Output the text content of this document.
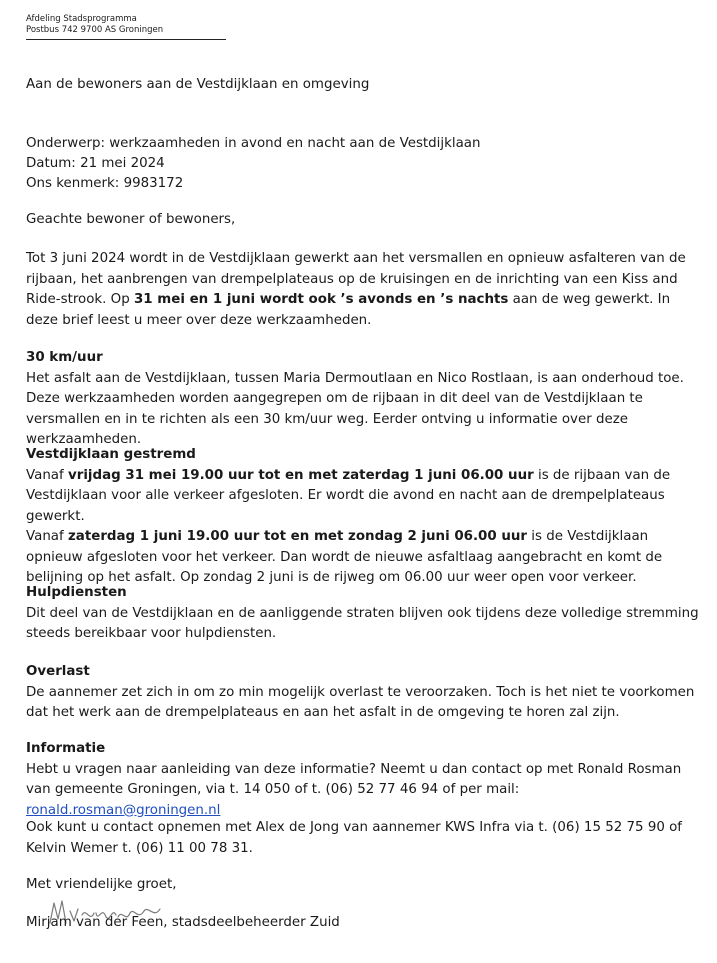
Afdeling Stadsprogramma
Postbus 742 9700 AS Groningen
Aan de bewoners aan de Vestdijklaan en omgeving
Onderwerp: werkzaamheden in avond en nacht aan de Vestdijklaan
Datum: 21 mei 2024
Ons kenmerk: 9983172
Geachte bewoner of bewoners,

Tot 3 juni 2024 wordt in de Vestdijklaan gewerkt aan het versmallen en opnieuw asfalteren van de rijbaan, het aanbrengen van drempelplateaus op de kruisingen en de inrichting van een Kiss and Ride-strook. Op 31 mei en 1 juni wordt ook ’s avonds en ’s nachts aan de weg gewerkt. In deze brief leest u meer over deze werkzaamheden.

30 km/uur

Het asfalt aan de Vestdijklaan, tussen Maria Dermoutlaan en Nico Rostlaan, is aan onderhoud toe. Deze werkzaamheden worden aangegrepen om de rijbaan in dit deel van de Vestdijklaan te versmallen en in te richten als een 30 km/uur weg. Eerder ontving u informatie over deze werkzaamheden.

Vestdijklaan gestremd

Vanaf vrijdag 31 mei 19.00 uur tot en met zaterdag 1 juni 06.00 uur is de rijbaan van de Vestdijklaan voor alle verkeer afgesloten. Er wordt die avond en nacht aan de drempelplateaus gewerkt.

Vanaf zaterdag 1 juni 19.00 uur tot en met zondag 2 juni 06.00 uur is de Vestdijklaan opnieuw afgesloten voor het verkeer. Dan wordt de nieuwe asfaltlaag aangebracht en komt de belijning op het asfalt. Op zondag 2 juni is de rijweg om 06.00 uur weer open voor verkeer.

Hulpdiensten

Dit deel van de Vestdijklaan en de aanliggende straten blijven ook tijdens deze volledige stremming steeds bereikbaar voor hulpdiensten.

Overlast

De aannemer zet zich in om zo min mogelijk overlast te veroorzaken. Toch is het niet te voorkomen dat het werk aan de drempelplateaus en aan het asfalt in de omgeving te horen zal zijn.

Informatie

Hebt u vragen naar aanleiding van deze informatie? Neemt u dan contact op met Ronald Rosman van gemeente Groningen, via t. 14 050 of t. (06) 52 77 46 94 of per mail: ronald.rosman@groningen.nl

Ook kunt u contact opnemen met Alex de Jong van aannemer KWS Infra via t. (06) 15 52 75 90 of Kelvin Wemer t. (06) 11 00 78 31.

Met vriendelijke groet,
Mirjam van der Feen, stadsdeelbeheerder Zuid
